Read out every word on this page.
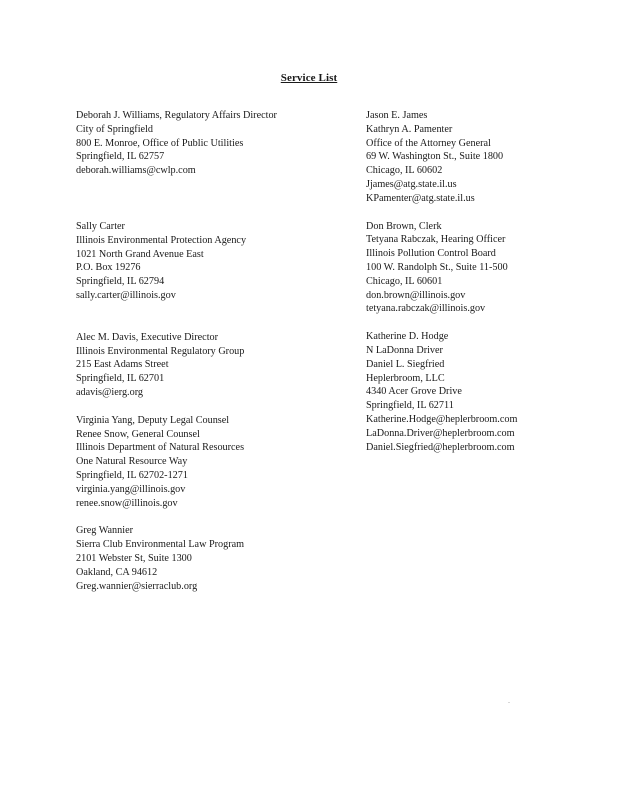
Service List
Deborah J. Williams, Regulatory Affairs Director
City of Springfield
800 E. Monroe, Office of Public Utilities
Springfield, IL 62757
deborah.williams@cwlp.com
Sally Carter
Illinois Environmental Protection Agency
1021 North Grand Avenue East
P.O. Box 19276
Springfield, IL 62794
sally.carter@illinois.gov
Alec M. Davis, Executive Director
Illinois Environmental Regulatory Group
215 East Adams Street
Springfield, IL 62701
adavis@ierg.org
Virginia Yang, Deputy Legal Counsel
Renee Snow, General Counsel
Illinois Department of Natural Resources
One Natural Resource Way
Springfield, IL 62702-1271
virginia.yang@illinois.gov
renee.snow@illinois.gov
Greg Wannier
Sierra Club Environmental Law Program
2101 Webster St, Suite 1300
Oakland, CA 94612
Greg.wannier@sierraclub.org
Jason E. James
Kathryn A. Pamenter
Office of the Attorney General
69 W. Washington St., Suite 1800
Chicago, IL 60602
Jjames@atg.state.il.us
KPamenter@atg.state.il.us
Don Brown, Clerk
Tetyana Rabczak, Hearing Officer
Illinois Pollution Control Board
100 W. Randolph St., Suite 11-500
Chicago, IL 60601
don.brown@illinois.gov
tetyana.rabczak@illinois.gov
Katherine D. Hodge
N LaDonna Driver
Daniel L. Siegfried
Heplerbroom, LLC
4340 Acer Grove Drive
Springfield, IL 62711
Katherine.Hodge@heplerbroom.com
LaDonna.Driver@heplerbroom.com
Daniel.Siegfried@heplerbroom.com
